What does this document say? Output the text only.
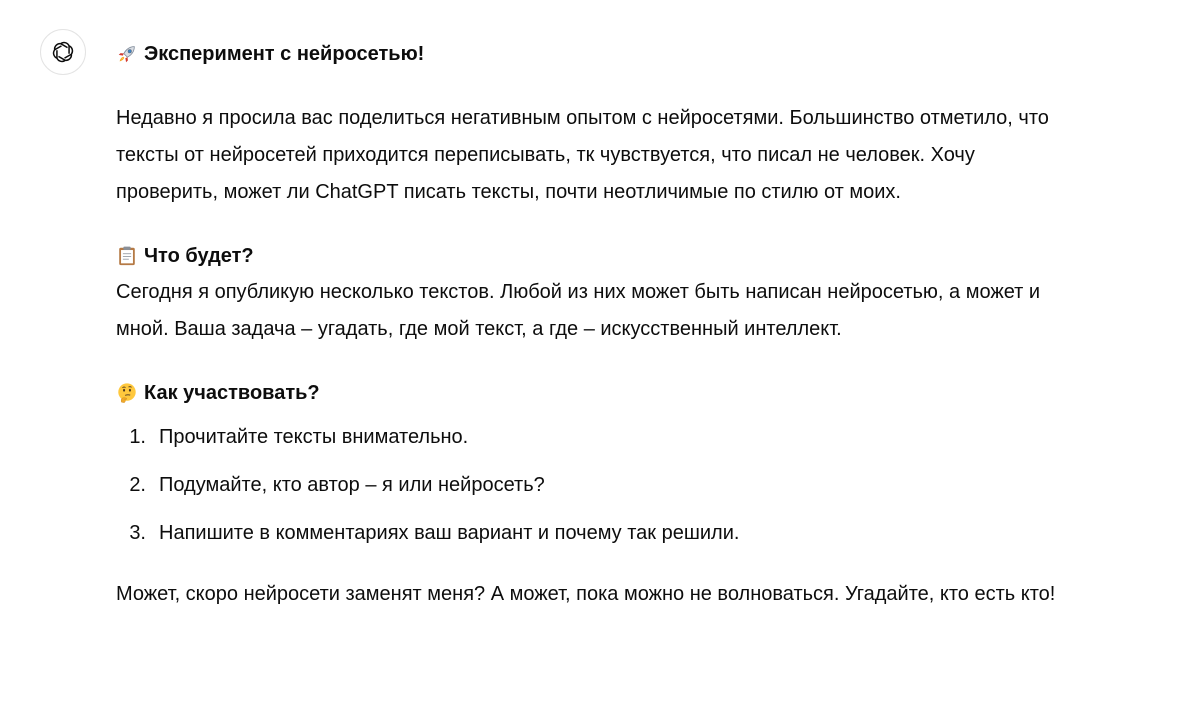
Эксперимент с нейросетью!

Недавно я просила вас поделиться негативным опытом с нейросетями. Большинство отметило, что тексты от нейросетей приходится переписывать, тк чувствуется, что писал не человек. Хочу проверить, может ли ChatGPT писать тексты, почти неотличимые по стилю от моих.

Что будет?

Сегодня я опубликую несколько текстов. Любой из них может быть написан нейросетью, а может и мной. Ваша задача – угадать, где мой текст, а где – искусственный интеллект.

Как участвовать?

1. Прочитайте тексты внимательно.
2. Подумайте, кто автор – я или нейросеть?
3. Напишите в комментариях ваш вариант и почему так решили.

Может, скоро нейросети заменят меня? А может, пока можно не волноваться. Угадайте, кто есть кто!
